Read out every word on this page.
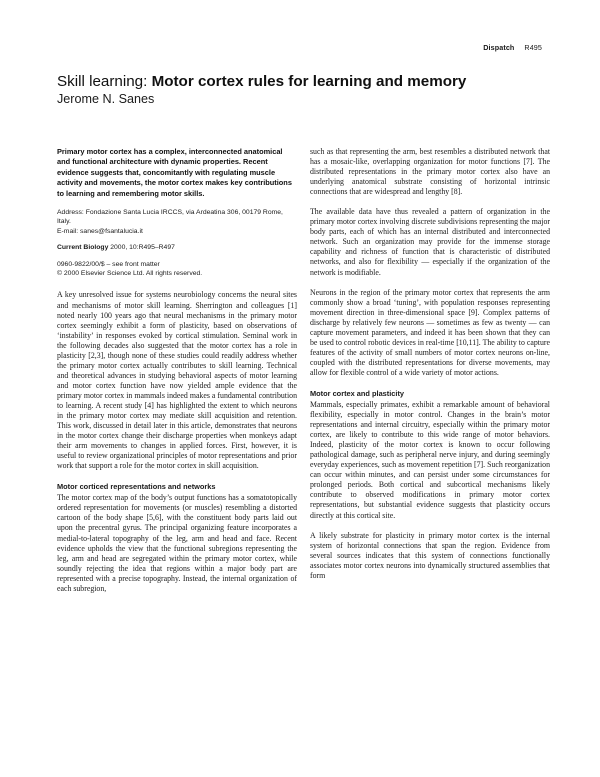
Dispatch R495
Skill learning: Motor cortex rules for learning and memory
Jerome N. Sanes
Primary motor cortex has a complex, interconnected anatomical and functional architecture with dynamic properties. Recent evidence suggests that, concomitantly with regulating muscle activity and movements, the motor cortex makes key contributions to learning and remembering motor skills.

Address: Fondazione Santa Lucia IRCCS, via Ardeatina 306, 00179 Rome, Italy.

E-mail: sanes@fsantalucia.it

Current Biology 2000, 10:R495–R497

0960-9822/00/$ – see front matter

© 2000 Elsevier Science Ltd. All rights reserved.

A key unresolved issue for systems neurobiology concerns the neural sites and mechanisms of motor skill learning. Sherrington and colleagues [1] noted nearly 100 years ago that neural mechanisms in the primary motor cortex seemingly exhibit a form of plasticity, based on observations of ‘instability’ in responses evoked by cortical stimulation. Seminal work in the following decades also suggested that the motor cortex has a role in plasticity [2,3], though none of these studies could readily address whether the primary motor cortex actually contributes to skill learning. Technical and theoretical advances in studying behavioral aspects of motor learning and motor cortex function have now yielded ample evidence that the primary motor cortex in mammals indeed makes a fundamental contribution to learning. A recent study [4] has highlighted the extent to which neurons in the primary motor cortex may mediate skill acquisition and retention. This work, discussed in detail later in this article, demonstrates that neurons in the motor cortex change their discharge properties when monkeys adapt their arm movements to changes in applied forces. First, however, it is useful to review organizational principles of motor representations and prior work that support a role for the motor cortex in skill acquisition.

Motor corticed representations and networks

The motor cortex map of the body’s output functions has a somatotopically ordered representation for movements (or muscles) resembling a distorted cartoon of the body shape [5,6], with the constituent body parts laid out upon the precentral gyrus. The principal organizing feature incorporates a medial-to-lateral topography of the leg, arm and head and face. Recent evidence upholds the view that the functional subregions representing the leg, arm and head are segregated within the primary motor cortex, while soundly rejecting the idea that regions within a major body part are represented with a precise topography. Instead, the internal organization of each subregion,

such as that representing the arm, best resembles a distributed network that has a mosaic-like, overlapping organization for motor functions [7]. The distributed representations in the primary motor cortex also have an underlying anatomical substrate consisting of horizontal intrinsic connections that are widespread and lengthy [8].

The available data have thus revealed a pattern of organization in the primary motor cortex involving discrete subdivisions representing the major body parts, each of which has an internal distributed and interconnected network. Such an organization may provide for the immense storage capability and richness of function that is characteristic of distributed networks, and also for flexibility — especially if the organization of the network is modifiable.

Neurons in the region of the primary motor cortex that represents the arm commonly show a broad ‘tuning’, with population responses representing movement direction in three-dimensional space [9]. Complex patterns of discharge by relatively few neurons — sometimes as few as twenty — can capture movement parameters, and indeed it has been shown that they can be used to control robotic devices in real-time [10,11]. The ability to capture features of the activity of small numbers of motor cortex neurons on-line, coupled with the distributed representations for diverse movements, may allow for flexible control of a wide variety of motor actions.

Motor cortex and plasticity

Mammals, especially primates, exhibit a remarkable amount of behavioral flexibility, especially in motor control. Changes in the brain’s motor representations and internal circuitry, especially within the primary motor cortex, are likely to contribute to this wide range of motor behaviors. Indeed, plasticity of the motor cortex is known to occur following pathological damage, such as peripheral nerve injury, and during seemingly everyday experiences, such as movement repetition [7]. Such reorganization can occur within minutes, and can persist under some circumstances for prolonged periods. Both cortical and subcortical mechanisms likely contribute to observed modifications in primary motor cortex representations, but substantial evidence suggests that plasticity occurs directly at this cortical site.

A likely substrate for plasticity in primary motor cortex is the internal system of horizontal connections that span the region. Evidence from several sources indicates that this system of connections functionally associates motor cortex neurons into dynamically structured assemblies that form
